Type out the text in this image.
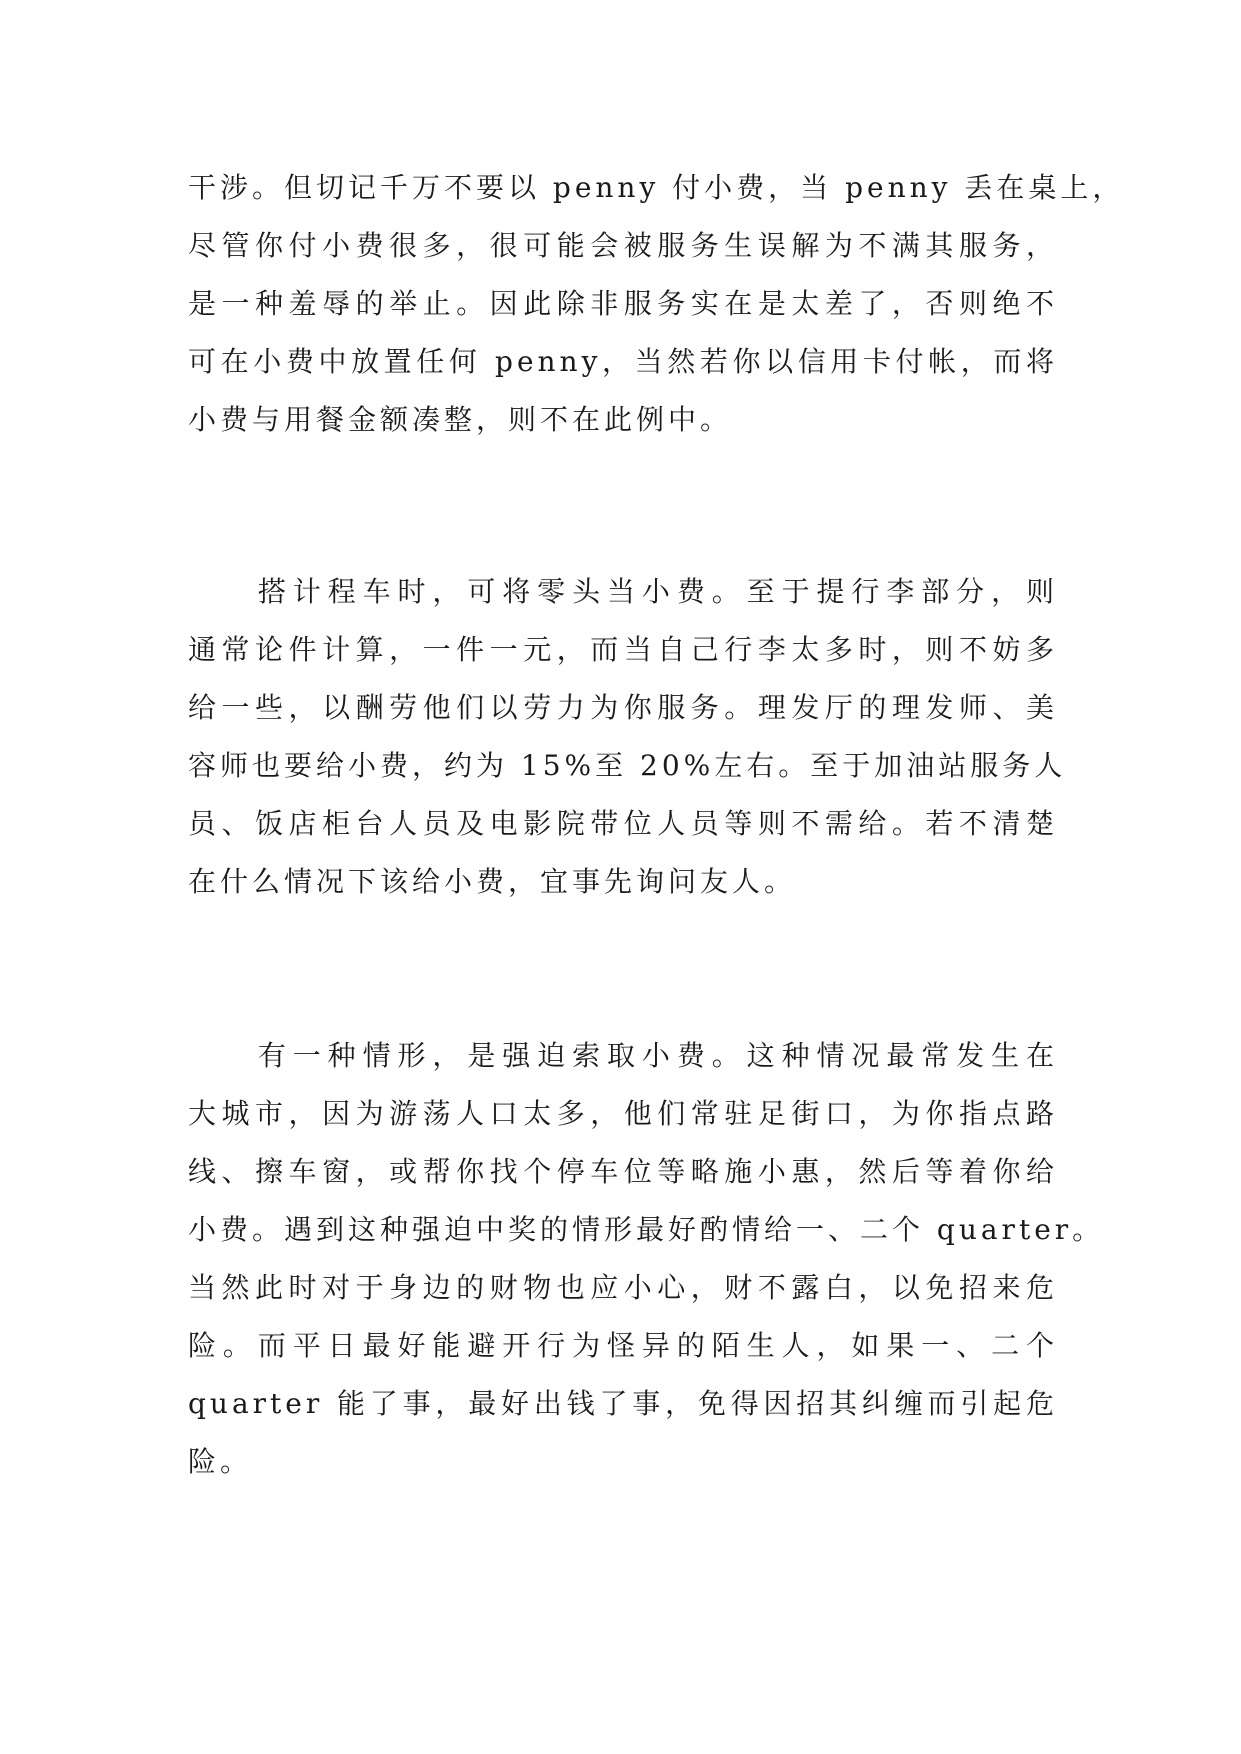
干涉。但切记千万不要以 penny 付小费，当 penny 丢在桌上，
尽管你付小费很多，很可能会被服务生误解为不满其服务，
是一种羞辱的举止。因此除非服务实在是太差了，否则绝不
可在小费中放置任何 penny，当然若你以信用卡付帐，而将
小费与用餐金额凑整，则不在此例中。

　　搭计程车时，可将零头当小费。至于提行李部分，则
通常论件计算，一件一元，而当自己行李太多时，则不妨多
给一些，以酬劳他们以劳力为你服务。理发厅的理发师、美
容师也要给小费，约为 15%至 20%左右。至于加油站服务人
员、饭店柜台人员及电影院带位人员等则不需给。若不清楚
在什么情况下该给小费，宜事先询问友人。

　　有一种情形，是强迫索取小费。这种情况最常发生在
大城市，因为游荡人口太多，他们常驻足街口，为你指点路
线、擦车窗，或帮你找个停车位等略施小惠，然后等着你给
小费。遇到这种强迫中奖的情形最好酌情给一、二个 quarter。
当然此时对于身边的财物也应小心，财不露白，以免招来危
险。而平日最好能避开行为怪异的陌生人，如果一、二个
quarter 能了事，最好出钱了事，免得因招其纠缠而引起危
险。
